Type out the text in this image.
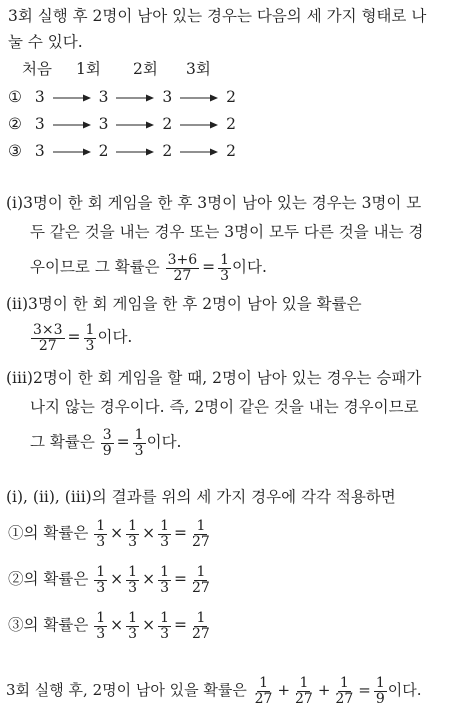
3회 실행 후 2명이 남아 있는 경우는 다음의 세 가지 형태로 나
눌 수 있다.
처음 1회 2회 3회
① 3	3	3	2
② 3	3	2	2
③ 3	2	2	2
(i)3명이 한 회 게임을 한 후 3명이 남아 있는 경우는 3명이 모
두 같은 것을 내는 경우 또는 3명이 모두 다른 것을 내는 경
우이므로 그 확률은 $\frac{3+6}{27} = \frac{1}{3}$ 이다.
(ii)3명이 한 회 게임을 한 후 2명이 남아 있을 확률은
$\frac{3\times 3}{27} = \frac{1}{3}$ 이다.
(iii)2명이 한 회 게임을 할 때, 2명이 남아 있는 경우는 승패가
나지 않는 경우이다. 즉, 2명이 같은 것을 내는 경우이므로
그 확률은 $\frac{3}{9} = \frac{1}{3}$ 이다.
(i), (ii), (iii)의 결과를 위의 세 가지 경우에 각각 적용하면
①의 확률은 $\frac{1}{3} \times \frac{1}{3} \times \frac{1}{3} = \frac{1}{27}$
②의 확률은 $\frac{1}{3} \times \frac{1}{3} \times \frac{1}{3} = \frac{1}{27}$
③의 확률은 $\frac{1}{3} \times \frac{1}{3} \times \frac{1}{3} = \frac{1}{27}$
3회 실행 후, 2명이 남아 있을 확률은 $\frac{1}{27} + \frac{1}{27} + \frac{1}{27} = \frac{1}{9}$ 이다.
